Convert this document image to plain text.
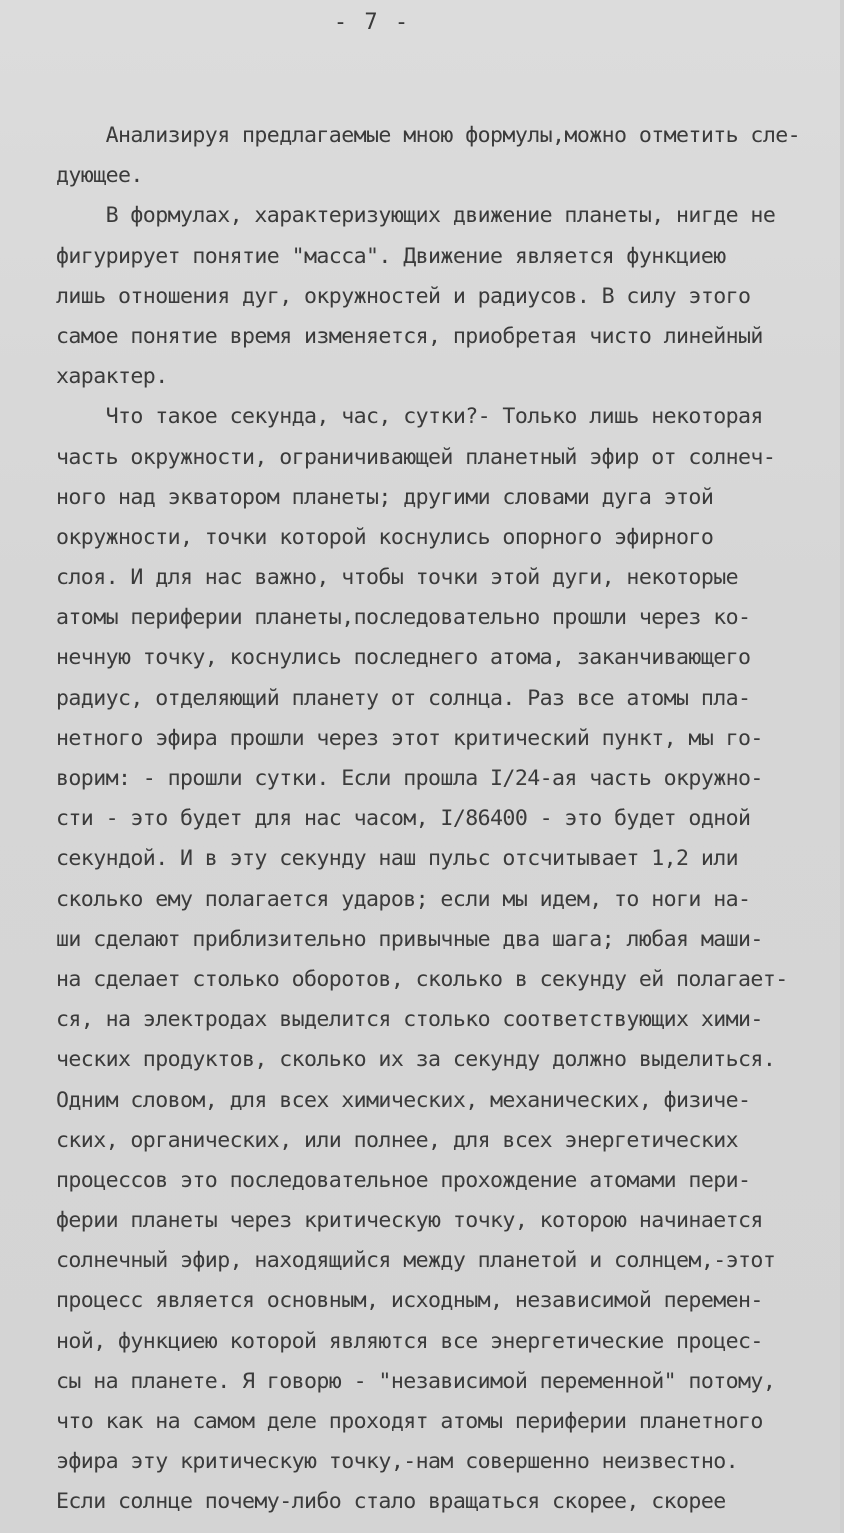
- 7 -
Анализируя предлагаемые мною формулы,можно отметить сле-
дующее.
В формулах, характеризующих движение планеты, нигде не
фигурирует понятие "масса". Движение является функциею
лишь отношения дуг, окружностей и радиусов. В силу этого
самое понятие время изменяется, приобретая чисто линейный
характер.
Что такое секунда, час, сутки?- Только лишь некоторая
часть окружности, ограничивающей планетный эфир от солнеч-
ного над экватором планеты; другими словами дуга этой
окружности, точки которой коснулись опорного эфирного
слоя. И для нас важно, чтобы точки этой дуги, некоторые
атомы периферии планеты,последовательно прошли через ко-
нечную точку, коснулись последнего атома, заканчивающего
радиус, отделяющий планету от солнца. Раз все атомы пла-
нетного эфира прошли через этот критический пункт, мы го-
ворим: - прошли сутки. Если прошла I/24-ая часть окружно-
сти - это будет для нас часом, I/86400 - это будет одной
секундой. И в эту секунду наш пульс отсчитывает 1,2 или
сколько ему полагается ударов; если мы идем, то ноги на-
ши сделают приблизительно привычные два шага; любая маши-
на сделает столько оборотов, сколько в секунду ей полагает-
ся, на электродах выделится столько соответствующих хими-
ческих продуктов, сколько их за секунду должно выделиться.
Одним словом, для всех химических, механических, физиче-
ских, органических, или полнее, для всех энергетических
процессов это последовательное прохождение атомами пери-
ферии планеты через критическую точку, которою начинается
солнечный эфир, находящийся между планетой и солнцем,-этот
процесс является основным, исходным, независимой перемен-
ной, функциею которой являются все энергетические процес-
сы на планете. Я говорю - "независимой переменной" потому,
что как на самом деле проходят атомы периферии планетного
эфира эту критическую точку,-нам совершенно неизвестно.
Если солнце почему-либо стало вращаться скорее, скорее
